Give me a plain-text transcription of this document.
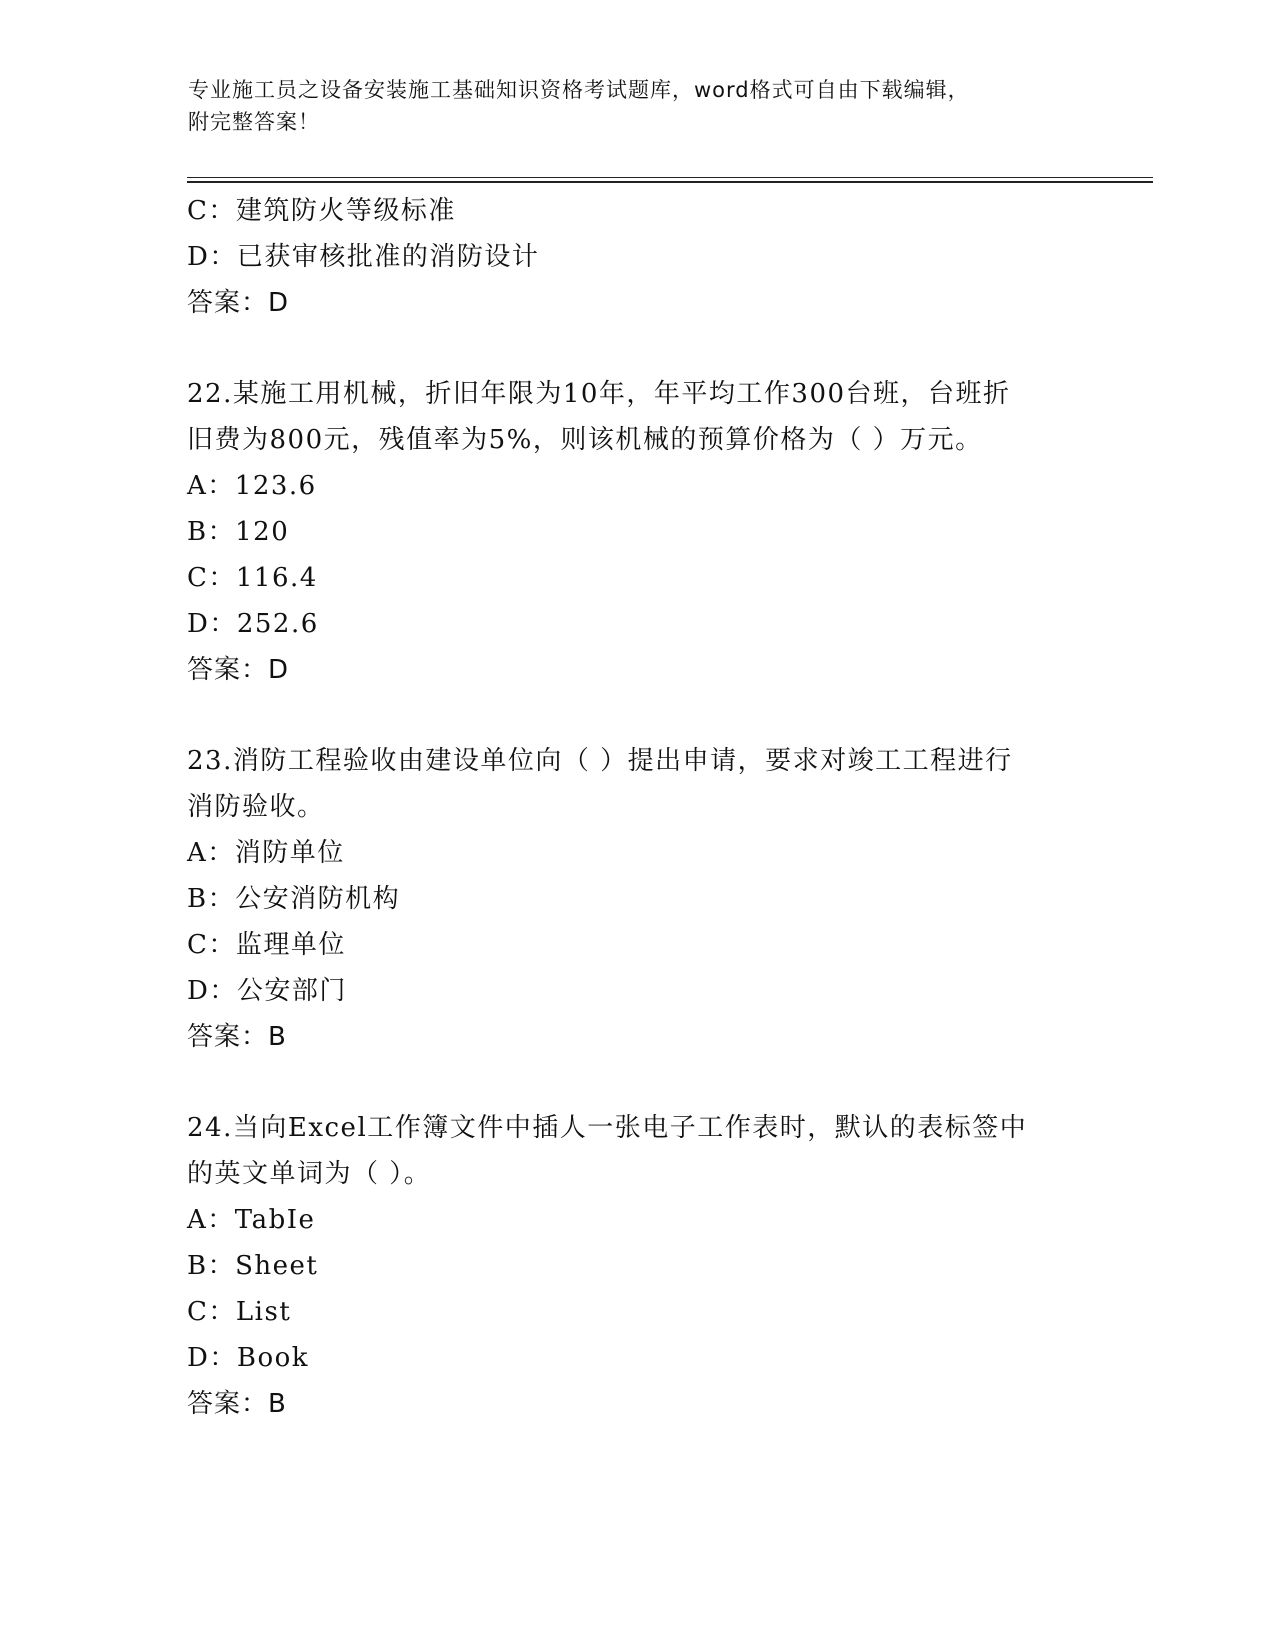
专业施工员之设备安装施工基础知识资格考试题库，word格式可自由下载编辑，
附完整答案！
C：建筑防火等级标准
D：已获审核批准的消防设计
答案：D
22.某施工用机械，折旧年限为10年，年平均工作300台班，台班折
旧费为800元，残值率为5%，则该机械的预算价格为（ ）万元。
A：123.6
B：120
C：116.4
D：252.6
答案：D
23.消防工程验收由建设单位向（ ）提出申请，要求对竣工工程进行
消防验收。
A：消防单位
B：公安消防机构
C：监理单位
D：公安部门
答案：B
24.当向Excel工作簿文件中插人一张电子工作表时，默认的表标签中
的英文单词为（ ）。
A：TabIe
B：Sheet
C：List
D：Book
答案：B
